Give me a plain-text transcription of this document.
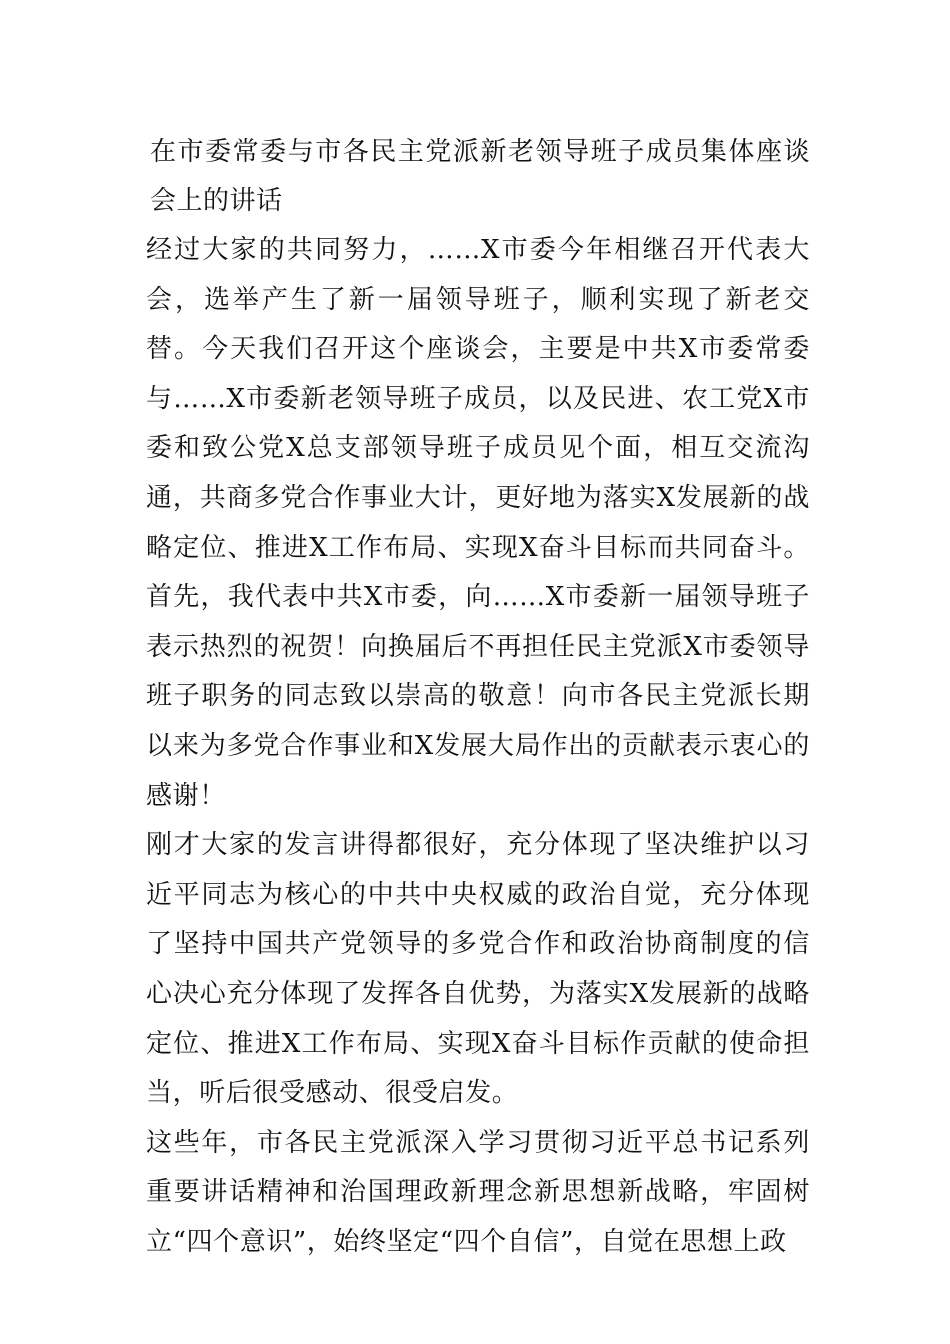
在市委常委与市各民主党派新老领导班子成员集体座谈会上的讲话

经过大家的共同努力，……X市委今年相继召开代表大会，选举产生了新一届领导班子，顺利实现了新老交替。今天我们召开这个座谈会，主要是中共X市委常委与……X市委新老领导班子成员，以及民进、农工党X市委和致公党X总支部领导班子成员见个面，相互交流沟通，共商多党合作事业大计，更好地为落实X发展新的战略定位、推进X工作布局、实现X奋斗目标而共同奋斗。首先，我代表中共X市委，向……X市委新一届领导班子表示热烈的祝贺！向换届后不再担任民主党派X市委领导班子职务的同志致以崇高的敬意！向市各民主党派长期以来为多党合作事业和X发展大局作出的贡献表示衷心的感谢！

刚才大家的发言讲得都很好，充分体现了坚决维护以习近平同志为核心的中共中央权威的政治自觉，充分体现了坚持中国共产党领导的多党合作和政治协商制度的信心决心充分体现了发挥各自优势，为落实X发展新的战略定位、推进X工作布局、实现X奋斗目标作贡献的使命担当，听后很受感动、很受启发。

这些年，市各民主党派深入学习贯彻习近平总书记系列重要讲话精神和治国理政新理念新思想新战略，牢固树立“四个意识”，始终坚定“四个自信”，自觉在思想上政
